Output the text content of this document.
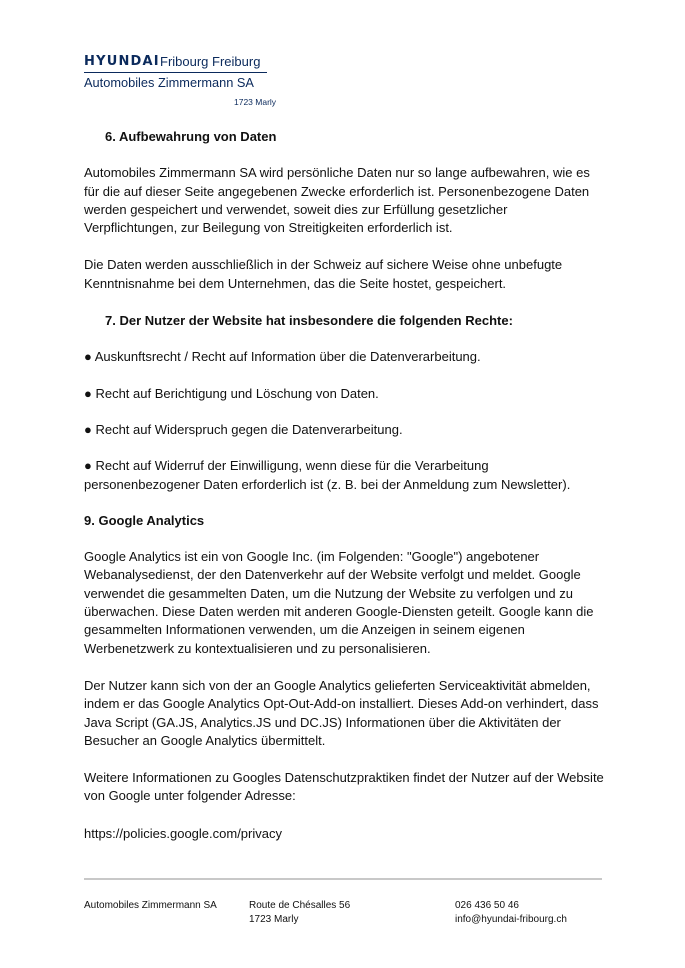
HYUNDAI Fribourg Freiburg
Automobiles Zimmermann SA
1723 Marly

6. Aufbewahrung von Daten

Automobiles Zimmermann SA wird persönliche Daten nur so lange aufbewahren, wie es für die auf dieser Seite angegebenen Zwecke erforderlich ist. Personenbezogene Daten werden gespeichert und verwendet, soweit dies zur Erfüllung gesetzlicher Verpflichtungen, zur Beilegung von Streitigkeiten erforderlich ist.

Die Daten werden ausschließlich in der Schweiz auf sichere Weise ohne unbefugte Kenntnisnahme bei dem Unternehmen, das die Seite hostet, gespeichert.

7. Der Nutzer der Website hat insbesondere die folgenden Rechte:

● Auskunftsrecht / Recht auf Information über die Datenverarbeitung.

● Recht auf Berichtigung und Löschung von Daten.

● Recht auf Widerspruch gegen die Datenverarbeitung.

● Recht auf Widerruf der Einwilligung, wenn diese für die Verarbeitung personenbezogener Daten erforderlich ist (z. B. bei der Anmeldung zum Newsletter).

9. Google Analytics

Google Analytics ist ein von Google Inc. (im Folgenden: "Google") angebotener Webanalysedienst, der den Datenverkehr auf der Website verfolgt und meldet. Google verwendet die gesammelten Daten, um die Nutzung der Website zu verfolgen und zu überwachen. Diese Daten werden mit anderen Google-Diensten geteilt. Google kann die gesammelten Informationen verwenden, um die Anzeigen in seinem eigenen Werbenetzwerk zu kontextualisieren und zu personalisieren.

Der Nutzer kann sich von der an Google Analytics gelieferten Serviceaktivität abmelden, indem er das Google Analytics Opt-Out-Add-on installiert. Dieses Add-on verhindert, dass Java Script (GA.JS, Analytics.JS und DC.JS) Informationen über die Aktivitäten der Besucher an Google Analytics übermittelt.

Weitere Informationen zu Googles Datenschutzpraktiken findet der Nutzer auf der Website von Google unter folgender Adresse:

https://policies.google.com/privacy

Automobiles Zimmermann SA	Route de Chésalles 56
1723 Marly
026 436 50 46
info@hyundai-fribourg.ch
